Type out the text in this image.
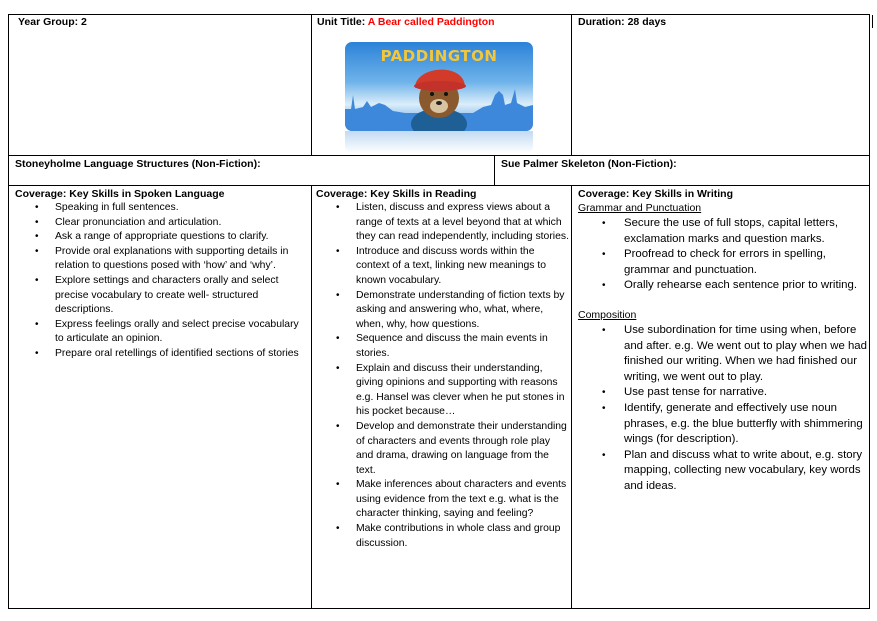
Year Group: 2	Unit Title: A Bear called Paddington
PADDINGTON
Duration: 28 days
Stoneyholme Language Structures (Non-Fiction):	Sue Palmer Skeleton (Non-Fiction):
Coverage: Key Skills in Spoken Language
• Speaking in full sentences.
• Clear pronunciation and articulation.
• Ask a range of appropriate questions to clarify.
• Provide oral explanations with supporting details in relation to questions posed with ‘how’ and ‘why’.
• Explore settings and characters orally and select precise vocabulary to create well- structured descriptions.
• Express feelings orally and select precise vocabulary to articulate an opinion.
• Prepare oral retellings of identified sections of stories
Coverage: Key Skills in Reading
• Listen, discuss and express views about a range of texts at a level beyond that at which they can read independently, including stories.
• Introduce and discuss words within the context of a text, linking new meanings to known vocabulary.
• Demonstrate understanding of fiction texts by asking and answering who, what, where, when, why, how questions.
• Sequence and discuss the main events in stories.
• Explain and discuss their understanding, giving opinions and supporting with reasons e.g. Hansel was clever when he put stones in his pocket because…
• Develop and demonstrate their understanding of characters and events through role play and drama, drawing on language from the text.
• Make inferences about characters and events using evidence from the text e.g. what is the character thinking, saying and feeling?
• Make contributions in whole class and group discussion.
Coverage: Key Skills in Writing
Grammar and Punctuation
• Secure the use of full stops, capital letters, exclamation marks and question marks.
• Proofread to check for errors in spelling, grammar and punctuation.
• Orally rehearse each sentence prior to writing.
Composition
• Use subordination for time using when, before and after. e.g. We went out to play when we had finished our writing. When we had finished our writing, we went out to play.
• Use past tense for narrative.
• Identify, generate and effectively use noun phrases, e.g. the blue butterfly with shimmering wings (for description).
• Plan and discuss what to write about, e.g. story mapping, collecting new vocabulary, key words and ideas.
